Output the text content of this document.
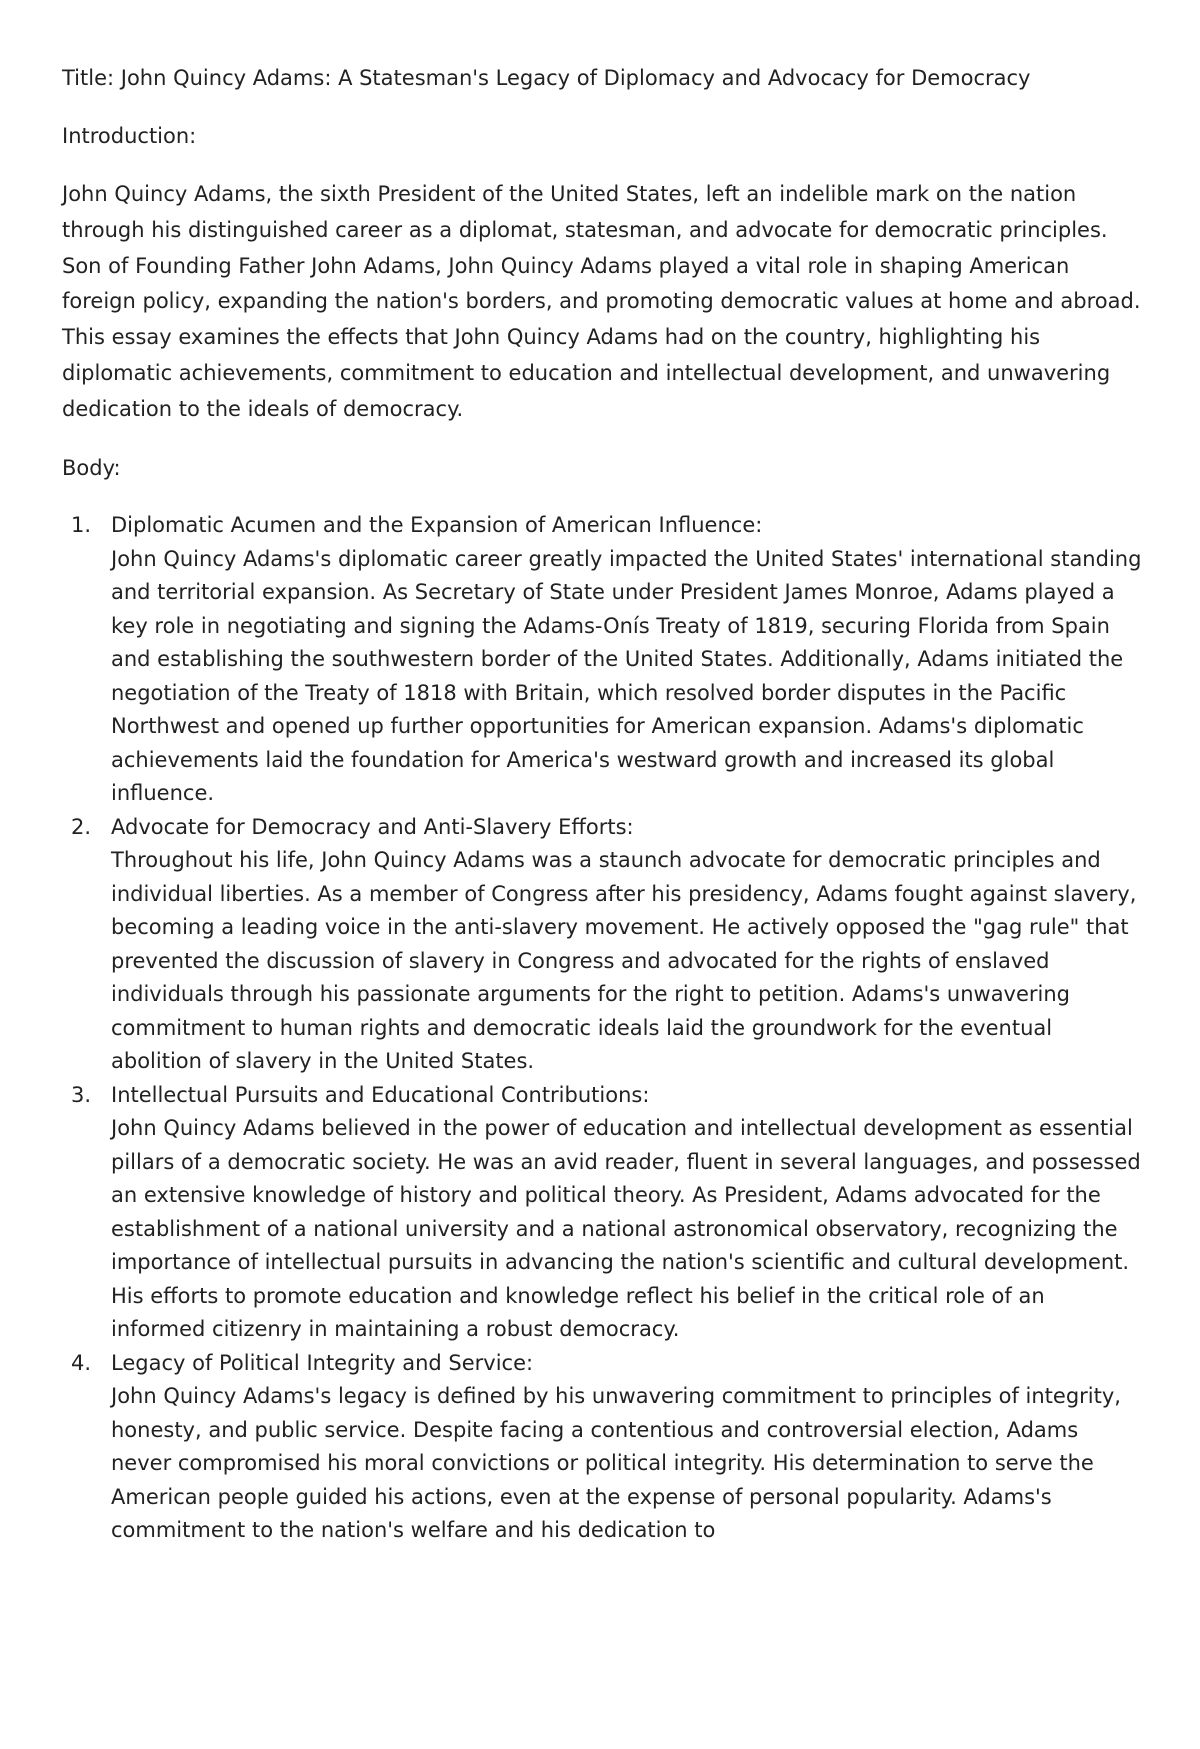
Title: John Quincy Adams: A Statesman's Legacy of Diplomacy and Advocacy for Democracy

Introduction:

John Quincy Adams, the sixth President of the United States, left an indelible mark on the nation through his distinguished career as a diplomat, statesman, and advocate for democratic principles. Son of Founding Father John Adams, John Quincy Adams played a vital role in shaping American foreign policy, expanding the nation's borders, and promoting democratic values at home and abroad. This essay examines the effects that John Quincy Adams had on the country, highlighting his diplomatic achievements, commitment to education and intellectual development, and unwavering dedication to the ideals of democracy.

Body:

1. Diplomatic Acumen and the Expansion of American Influence:
John Quincy Adams's diplomatic career greatly impacted the United States' international standing and territorial expansion. As Secretary of State under President James Monroe, Adams played a key role in negotiating and signing the Adams-Onís Treaty of 1819, securing Florida from Spain and establishing the southwestern border of the United States. Additionally, Adams initiated the negotiation of the Treaty of 1818 with Britain, which resolved border disputes in the Pacific Northwest and opened up further opportunities for American expansion. Adams's diplomatic achievements laid the foundation for America's westward growth and increased its global influence.
2. Advocate for Democracy and Anti-Slavery Efforts:
Throughout his life, John Quincy Adams was a staunch advocate for democratic principles and individual liberties. As a member of Congress after his presidency, Adams fought against slavery, becoming a leading voice in the anti-slavery movement. He actively opposed the "gag rule" that prevented the discussion of slavery in Congress and advocated for the rights of enslaved individuals through his passionate arguments for the right to petition. Adams's unwavering commitment to human rights and democratic ideals laid the groundwork for the eventual abolition of slavery in the United States.
3. Intellectual Pursuits and Educational Contributions:
John Quincy Adams believed in the power of education and intellectual development as essential pillars of a democratic society. He was an avid reader, fluent in several languages, and possessed an extensive knowledge of history and political theory. As President, Adams advocated for the establishment of a national university and a national astronomical observatory, recognizing the importance of intellectual pursuits in advancing the nation's scientific and cultural development. His efforts to promote education and knowledge reflect his belief in the critical role of an informed citizenry in maintaining a robust democracy.
4. Legacy of Political Integrity and Service:
John Quincy Adams's legacy is defined by his unwavering commitment to principles of integrity, honesty, and public service. Despite facing a contentious and controversial election, Adams never compromised his moral convictions or political integrity. His determination to serve the American people guided his actions, even at the expense of personal popularity. Adams's commitment to the nation's welfare and his dedication to
